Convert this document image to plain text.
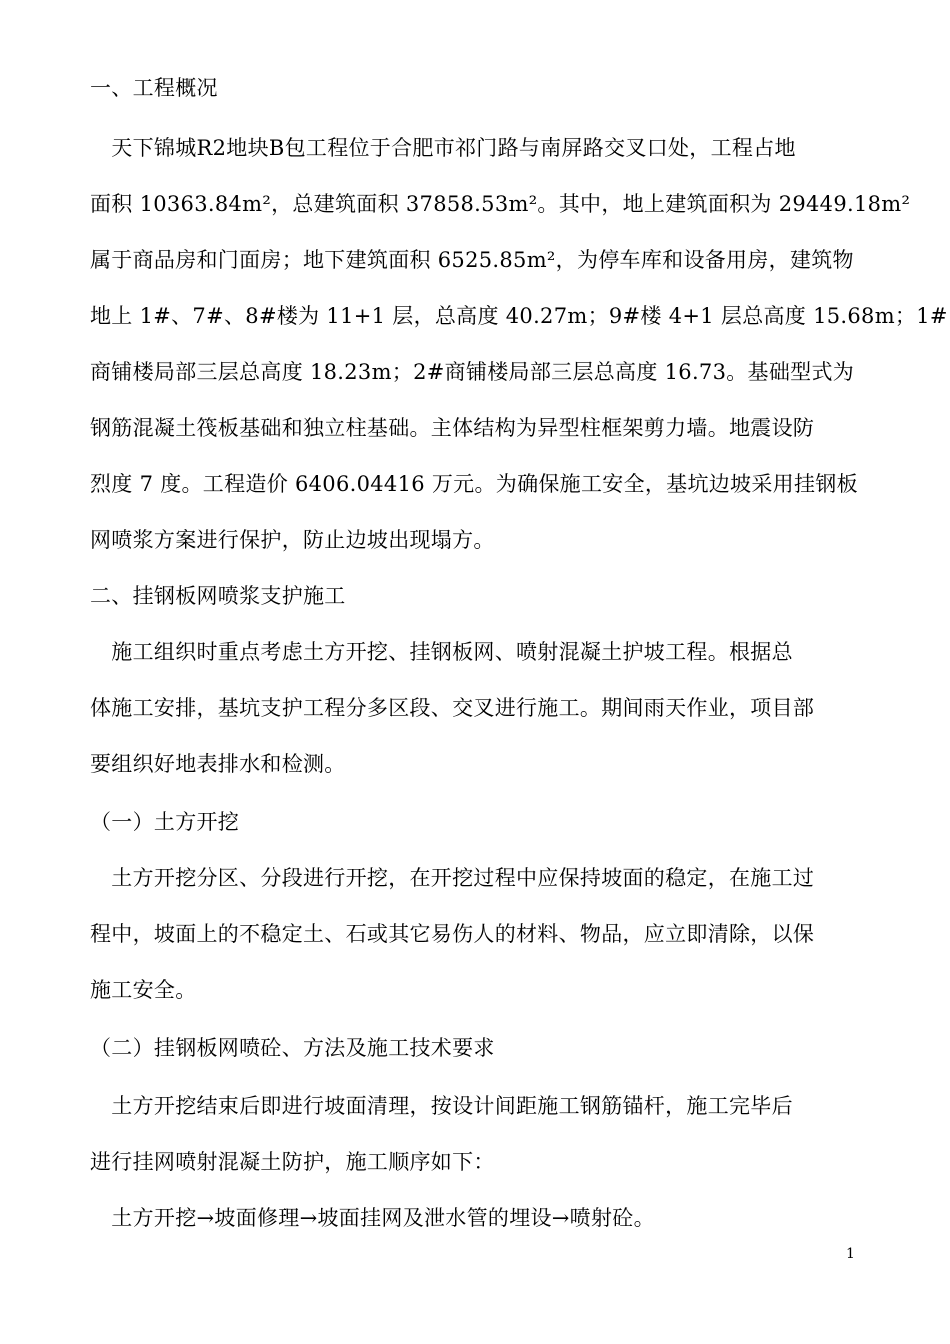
一、工程概况
　天下锦城R2地块B包工程位于合肥市祁门路与南屏路交叉口处，工程占地
面积 10363.84m²，总建筑面积 37858.53m²。其中，地上建筑面积为 29449.18m²
属于商品房和门面房；地下建筑面积 6525.85m²，为停车库和设备用房，建筑物
地上 1#、7#、8#楼为 11+1 层，总高度 40.27m；9#楼 4+1 层总高度 15.68m；1#
商铺楼局部三层总高度 18.23m；2#商铺楼局部三层总高度 16.73。基础型式为
钢筋混凝土筏板基础和独立柱基础。主体结构为异型柱框架剪力墙。地震设防
烈度 7 度。工程造价 6406.04416 万元。为确保施工安全，基坑边坡采用挂钢板
网喷浆方案进行保护，防止边坡出现塌方。
二、挂钢板网喷浆支护施工
　施工组织时重点考虑土方开挖、挂钢板网、喷射混凝土护坡工程。根据总
体施工安排，基坑支护工程分多区段、交叉进行施工。期间雨天作业，项目部
要组织好地表排水和检测。
（一）土方开挖
　土方开挖分区、分段进行开挖，在开挖过程中应保持坡面的稳定，在施工过
程中，坡面上的不稳定土、石或其它易伤人的材料、物品，应立即清除，以保
施工安全。
（二）挂钢板网喷砼、方法及施工技术要求
　土方开挖结束后即进行坡面清理，按设计间距施工钢筋锚杆，施工完毕后
进行挂网喷射混凝土防护，施工顺序如下：
　土方开挖→坡面修理→坡面挂网及泄水管的埋设→喷射砼。
1
